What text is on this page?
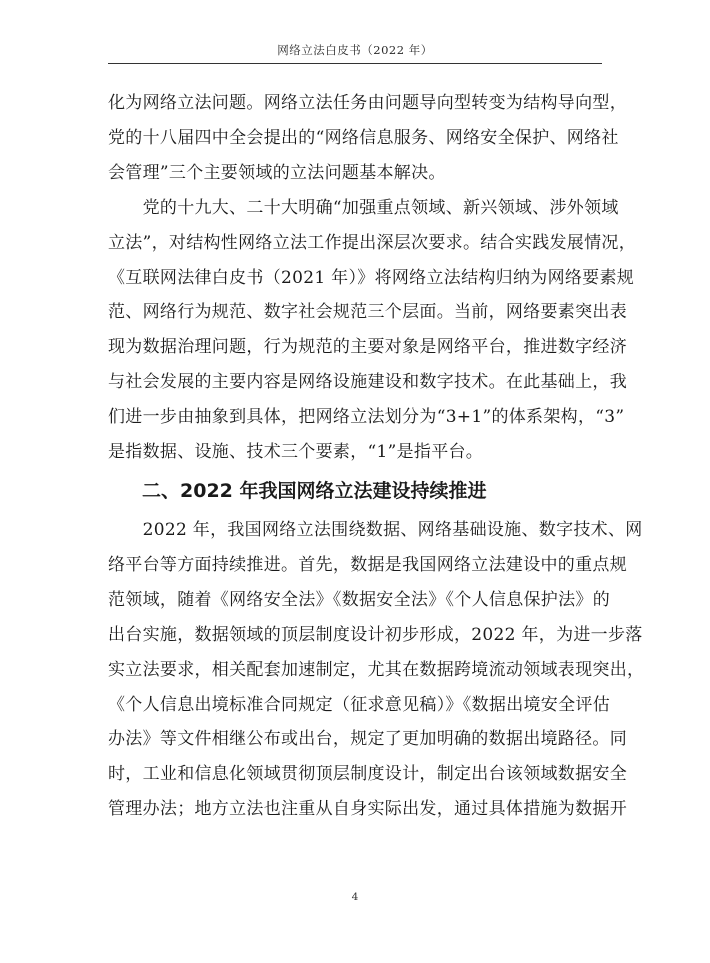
网络立法白皮书（2022 年）

化为网络立法问题。网络立法任务由问题导向型转变为结构导向型，
党的十八届四中全会提出的“网络信息服务、网络安全保护、网络社
会管理”三个主要领域的立法问题基本解决。

　　党的十九大、二十大明确“加强重点领域、新兴领域、涉外领域
立法”，对结构性网络立法工作提出深层次要求。结合实践发展情况，
《互联网法律白皮书（2021 年）》将网络立法结构归纳为网络要素规
范、网络行为规范、数字社会规范三个层面。当前，网络要素突出表
现为数据治理问题，行为规范的主要对象是网络平台，推进数字经济
与社会发展的主要内容是网络设施建设和数字技术。在此基础上，我
们进一步由抽象到具体，把网络立法划分为“3+1”的体系架构，“3”
是指数据、设施、技术三个要素，“1”是指平台。

二、2022 年我国网络立法建设持续推进

　　2022 年，我国网络立法围绕数据、网络基础设施、数字技术、网
络平台等方面持续推进。首先，数据是我国网络立法建设中的重点规
范领域，随着《网络安全法》《数据安全法》《个人信息保护法》的
出台实施，数据领域的顶层制度设计初步形成，2022 年，为进一步落
实立法要求，相关配套加速制定，尤其在数据跨境流动领域表现突出，
《个人信息出境标准合同规定（征求意见稿）》《数据出境安全评估
办法》等文件相继公布或出台，规定了更加明确的数据出境路径。同
时，工业和信息化领域贯彻顶层制度设计，制定出台该领域数据安全
管理办法；地方立法也注重从自身实际出发，通过具体措施为数据开

4
